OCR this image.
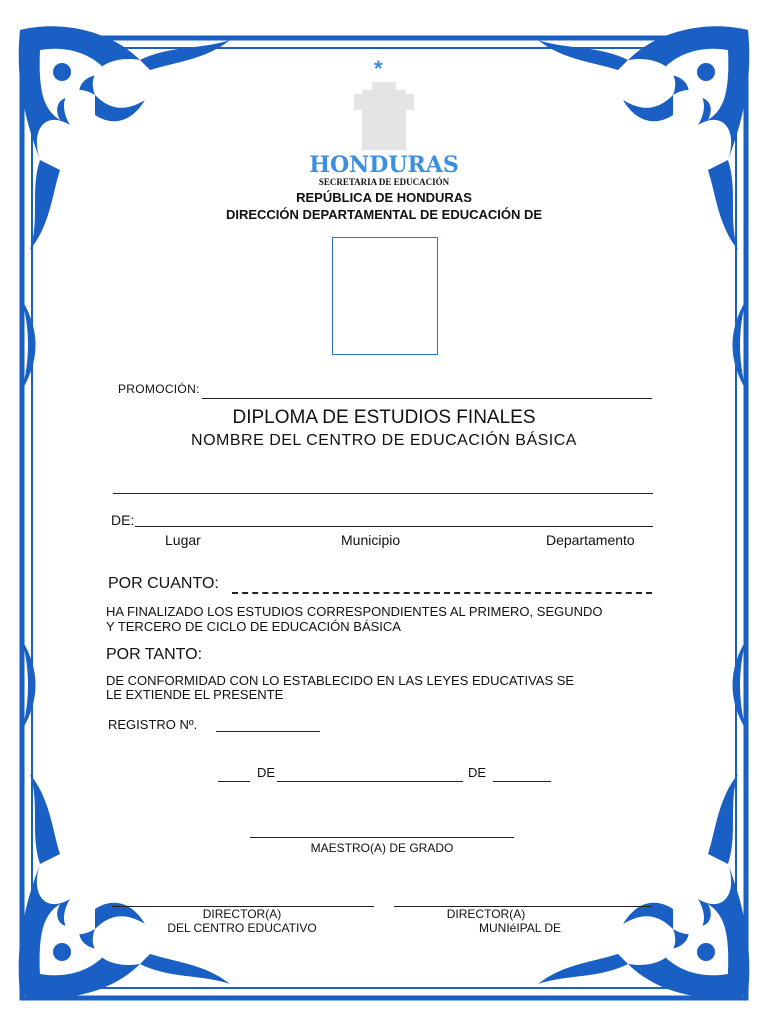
*
HONDURAS
SECRETARIA DE EDUCACIÓN
REPÚBLICA DE HONDURAS
DIRECCIÓN DEPARTAMENTAL DE EDUCACIÓN DE
PROMOCIÓN:
DIPLOMA DE ESTUDIOS FINALES
NOMBRE DEL CENTRO DE EDUCACIÓN BÁSICA
DE:
Lugar	Municipio	Departamento
POR CUANTO:
HA FINALIZADO LOS ESTUDIOS CORRESPONDIENTES AL PRIMERO, SEGUNDO
Y TERCERO DE CICLO DE EDUCACIÓN BÁSICA
POR TANTO:
DE CONFORMIDAD CON LO ESTABLECIDO EN LAS LEYES EDUCATIVAS SE
LE EXTIENDE EL PRESENTE
REGISTRO Nº.
DE	DE
MAESTRO(A) DE GRADO
DIRECTOR(A)
DEL CENTRO EDUCATIVO
DIRECTOR(A)
MUNIéIPAL DE
